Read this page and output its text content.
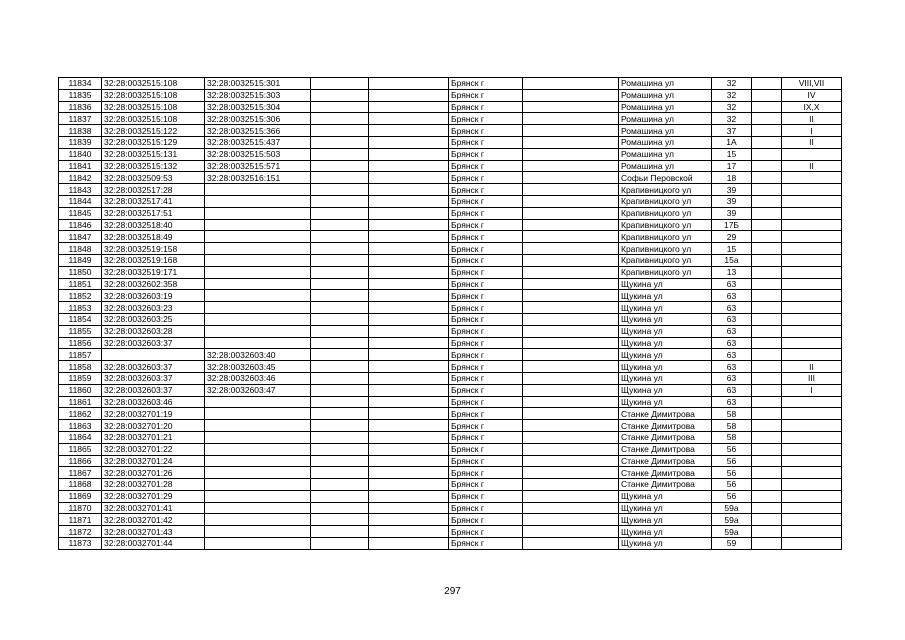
11834	32:28:0032515:108	32:28:0032515:301			Брянск г		Ромашина ул	32		VIII,VII
11835	32:28:0032515:108	32:28:0032515:303			Брянск г		Ромашина ул	32		IV
11836	32:28:0032515:108	32:28:0032515:304			Брянск г		Ромашина ул	32		IX,X
11837	32:28:0032515:108	32:28:0032515:306			Брянск г		Ромашина ул	32		II
11838	32:28:0032515:122	32:28:0032515:366			Брянск г		Ромашина ул	37		I
11839	32:28:0032515:129	32:28:0032515:437			Брянск г		Ромашина ул	1А		II
11840	32:28:0032515:131	32:28:0032515:503			Брянск г		Ромашина ул	15		
11841	32:28:0032515:132	32:28:0032515:571			Брянск г		Ромашина ул	17		II
11842	32:28:0032509:53	32:28:0032516:151			Брянск г		Софьи Перовской	18		
11843	32:28:0032517:28				Брянск г		Крапивницкого ул	39		
11844	32:28:0032517:41				Брянск г		Крапивницкого ул	39		
11845	32:28:0032517:51				Брянск г		Крапивницкого ул	39		
11846	32:28:0032518:40				Брянск г		Крапивницкого ул	17Б		
11847	32:28:0032518:49				Брянск г		Крапивницкого ул	29		
11848	32:28:0032519:158				Брянск г		Крапивницкого ул	15		
11849	32:28:0032519:168				Брянск г		Крапивницкого ул	15а		
11850	32:28:0032519:171				Брянск г		Крапивницкого ул	13		
11851	32:28:0032602:358				Брянск г		Щукина ул	63		
11852	32:28:0032603:19				Брянск г		Щукина ул	63		
11853	32:28:0032603:23				Брянск г		Щукина ул	63		
11854	32:28:0032603:25				Брянск г		Щукина ул	63		
11855	32:28:0032603:28				Брянск г		Щукина ул	63		
11856	32:28:0032603:37				Брянск г		Щукина ул	63		
11857		32:28:0032603:40			Брянск г		Щукина ул	63		
11858	32:28:0032603:37	32:28:0032603:45			Брянск г		Щукина ул	63		II
11859	32:28:0032603:37	32:28:0032603:46			Брянск г		Щукина ул	63		III
11860	32:28:0032603:37	32:28:0032603:47			Брянск г		Щукина ул	63		I
11861	32:28:0032603:46				Брянск г		Щукина ул	63		
11862	32:28:0032701:19				Брянск г		Станке Димитрова	58		
11863	32:28:0032701:20				Брянск г		Станке Димитрова	58		
11864	32:28:0032701:21				Брянск г		Станке Димитрова	58		
11865	32:28:0032701:22				Брянск г		Станке Димитрова	56		
11866	32:28:0032701:24				Брянск г		Станке Димитрова	56		
11867	32:28:0032701:26				Брянск г		Станке Димитрова	56		
11868	32:28:0032701:28				Брянск г		Станке Димитрова	56		
11869	32:28:0032701:29				Брянск г		Щукина ул	56		
11870	32:28:0032701:41				Брянск г		Щукина ул	59а		
11871	32:28:0032701:42				Брянск г		Щукина ул	59а		
11872	32:28:0032701:43				Брянск г		Щукина ул	59а		
11873	32:28:0032701:44				Брянск г		Щукина ул	59		
297
